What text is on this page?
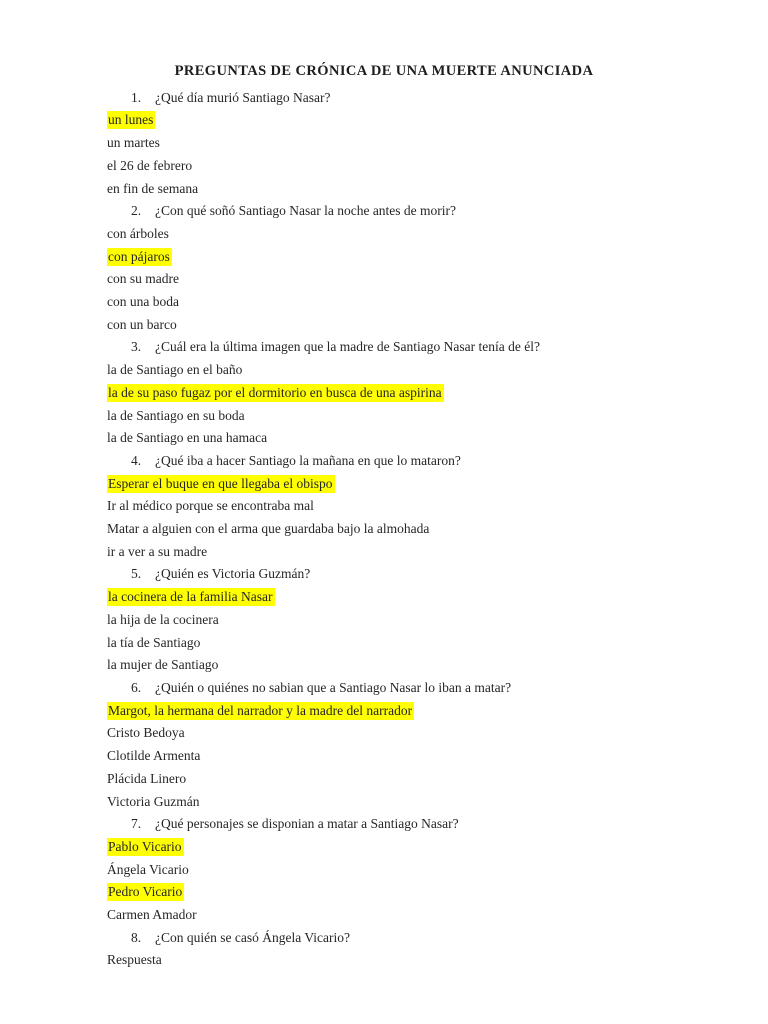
PREGUNTAS DE CRÓNICA DE UNA MUERTE ANUNCIADA
1. ¿Qué día murió Santiago Nasar?
un lunes
un martes
el 26 de febrero
en fin de semana
2. ¿Con qué soñó Santiago Nasar la noche antes de morir?
con árboles
con pájaros
con su madre
con una boda
con un barco
3. ¿Cuál era la última imagen que la madre de Santiago Nasar tenía de él?
la de Santiago en el baño
la de su paso fugaz por el dormitorio en busca de una aspirina
la de Santiago en su boda
la de Santiago en una hamaca
4. ¿Qué iba a hacer Santiago la mañana en que lo mataron?
Esperar el buque en que llegaba el obispo
Ir al médico porque se encontraba mal
Matar a alguien con el arma que guardaba bajo la almohada
ir a ver a su madre
5. ¿Quién es Victoria Guzmán?
la cocinera de la familia Nasar
la hija de la cocinera
la tía de Santiago
la mujer de Santiago
6. ¿Quién o quiénes no sabian que a Santiago Nasar lo iban a matar?
Margot, la hermana del narrador y la madre del narrador
Cristo Bedoya
Clotilde Armenta
Plácida Linero
Victoria Guzmán
7. ¿Qué personajes se disponian a matar a Santiago Nasar?
Pablo Vicario
Ángela Vicario
Pedro Vicario
Carmen Amador
8. ¿Con quién se casó Ángela Vicario?
Respuesta
